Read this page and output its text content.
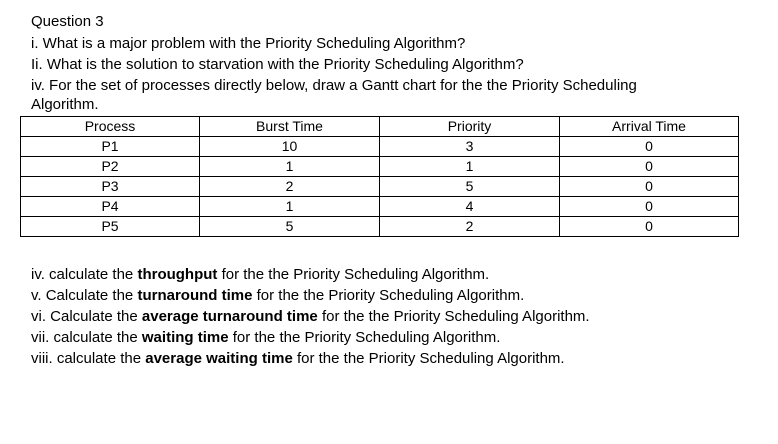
Question 3
i. What is a major problem with the Priority Scheduling Algorithm?
Ii. What is the solution to starvation with the Priority Scheduling Algorithm?
iv. For the set of processes directly below, draw a Gantt chart for the the Priority Scheduling
Algorithm.
Process	Burst Time	Priority	Arrival Time
P1	10	3	0
P2	1	1	0
P3	2	5	0
P4	1	4	0
P5	5	2	0
iv. calculate the throughput for the the Priority Scheduling Algorithm.
v. Calculate the turnaround time for the the Priority Scheduling Algorithm.
vi. Calculate the average turnaround time for the the Priority Scheduling Algorithm.
vii. calculate the waiting time for the the Priority Scheduling Algorithm.
viii. calculate the average waiting time for the the Priority Scheduling Algorithm.
